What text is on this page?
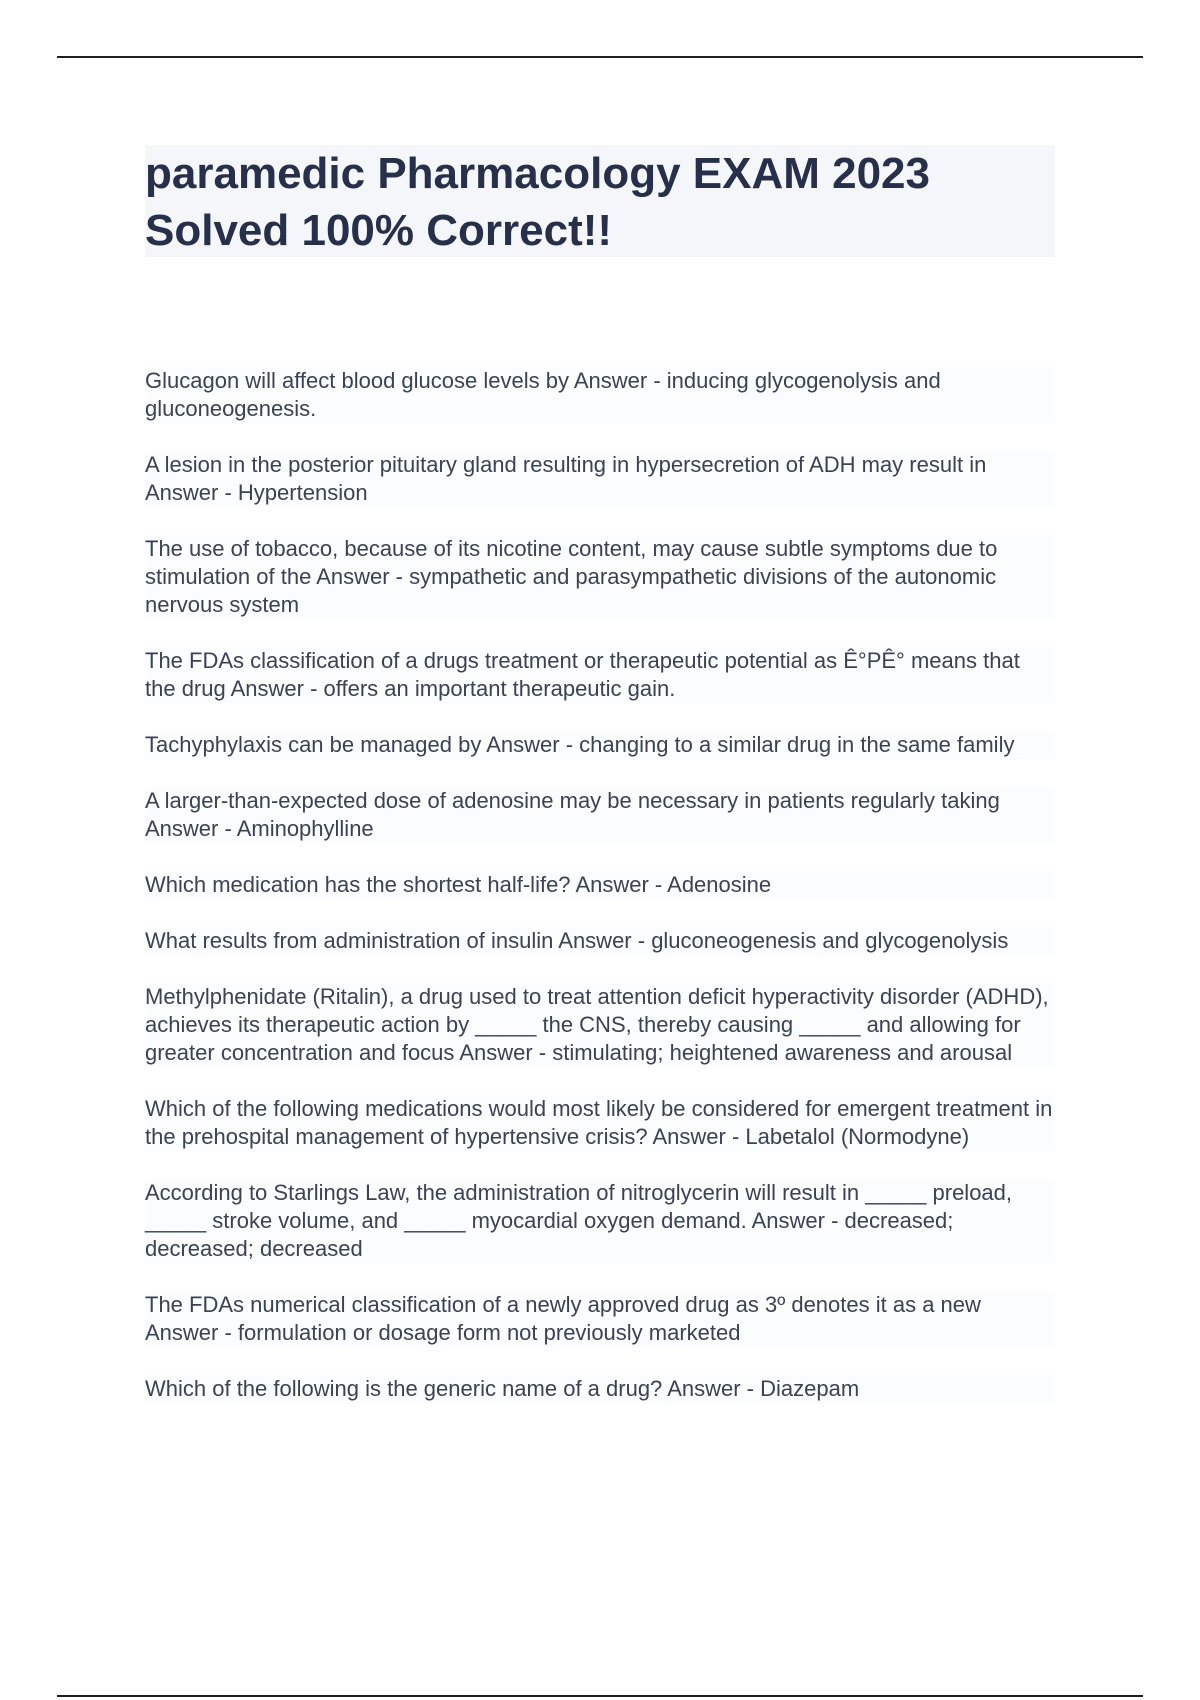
paramedic Pharmacology EXAM 2023
Solved 100% Correct!!

Glucagon will affect blood glucose levels by Answer - inducing glycogenolysis and gluconeogenesis.

A lesion in the posterior pituitary gland resulting in hypersecretion of ADH may result in Answer - Hypertension

The use of tobacco, because of its nicotine content, may cause subtle symptoms due to stimulation of the Answer - sympathetic and parasympathetic divisions of the autonomic nervous system

The FDAs classification of a drugs treatment or therapeutic potential as Ê°PÊ° means that the drug Answer - offers an important therapeutic gain.

Tachyphylaxis can be managed by Answer - changing to a similar drug in the same family

A larger-than-expected dose of adenosine may be necessary in patients regularly taking Answer - Aminophylline

Which medication has the shortest half-life? Answer - Adenosine

What results from administration of insulin Answer - gluconeogenesis and glycogenolysis

Methylphenidate (Ritalin), a drug used to treat attention deficit hyperactivity disorder (ADHD), achieves its therapeutic action by _____ the CNS, thereby causing _____ and allowing for greater concentration and focus Answer - stimulating; heightened awareness and arousal

Which of the following medications would most likely be considered for emergent treatment in the prehospital management of hypertensive crisis? Answer - Labetalol (Normodyne)

According to Starlings Law, the administration of nitroglycerin will result in _____ preload, _____ stroke volume, and _____ myocardial oxygen demand. Answer - decreased; decreased; decreased

The FDAs numerical classification of a newly approved drug as 3º denotes it as a new Answer - formulation or dosage form not previously marketed

Which of the following is the generic name of a drug? Answer - Diazepam
